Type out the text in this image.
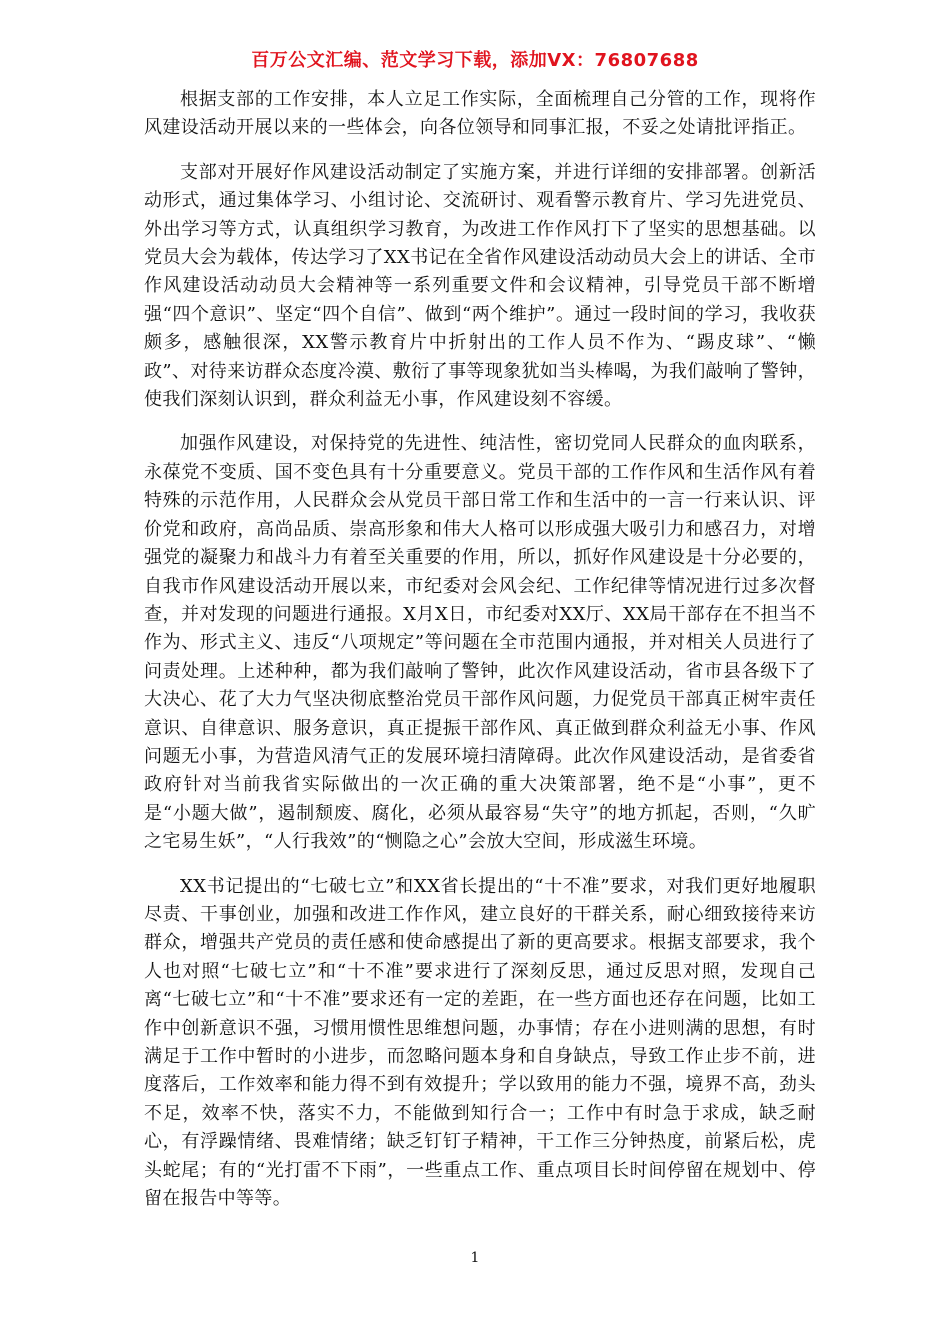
百万公文汇编、范文学习下载，添加VX：76807688

根据支部的工作安排，本人立足工作实际，全面梳理自己分管的工作，现将作风建设活动开展以来的一些体会，向各位领导和同事汇报，不妥之处请批评指正。

支部对开展好作风建设活动制定了实施方案，并进行详细的安排部署。创新活动形式，通过集体学习、小组讨论、交流研讨、观看警示教育片、学习先进党员、外出学习等方式，认真组织学习教育，为改进工作作风打下了坚实的思想基础。以党员大会为载体，传达学习了XX书记在全省作风建设活动动员大会上的讲话、全市作风建设活动动员大会精神等一系列重要文件和会议精神，引导党员干部不断增强“四个意识”、坚定“四个自信”、做到“两个维护”。通过一段时间的学习，我收获颇多，感触很深，XX警示教育片中折射出的工作人员不作为、“踢皮球”、“懒政”、对待来访群众态度冷漠、敷衍了事等现象犹如当头棒喝，为我们敲响了警钟，使我们深刻认识到，群众利益无小事，作风建设刻不容缓。

加强作风建设，对保持党的先进性、纯洁性，密切党同人民群众的血肉联系，永葆党不变质、国不变色具有十分重要意义。党员干部的工作作风和生活作风有着特殊的示范作用，人民群众会从党员干部日常工作和生活中的一言一行来认识、评价党和政府，高尚品质、崇高形象和伟大人格可以形成强大吸引力和感召力，对增强党的凝聚力和战斗力有着至关重要的作用，所以，抓好作风建设是十分必要的，自我市作风建设活动开展以来，市纪委对会风会纪、工作纪律等情况进行过多次督查，并对发现的问题进行通报。X月X日，市纪委对XX厅、XX局干部存在不担当不作为、形式主义、违反“八项规定”等问题在全市范围内通报，并对相关人员进行了问责处理。上述种种，都为我们敲响了警钟，此次作风建设活动，省市县各级下了大决心、花了大力气坚决彻底整治党员干部作风问题，力促党员干部真正树牢责任意识、自律意识、服务意识，真正提振干部作风、真正做到群众利益无小事、作风问题无小事，为营造风清气正的发展环境扫清障碍。此次作风建设活动，是省委省政府针对当前我省实际做出的一次正确的重大决策部署，绝不是“小事”，更不是“小题大做”，遏制颓废、腐化，必须从最容易“失守”的地方抓起，否则，“久旷之宅易生妖”，“人行我效”的“恻隐之心”会放大空间，形成滋生环境。

XX书记提出的“七破七立”和XX省长提出的“十不准”要求，对我们更好地履职尽责、干事创业，加强和改进工作作风，建立良好的干群关系，耐心细致接待来访群众，增强共产党员的责任感和使命感提出了新的更高要求。根据支部要求，我个人也对照“七破七立”和“十不准”要求进行了深刻反思，通过反思对照，发现自己离“七破七立”和“十不准”要求还有一定的差距，在一些方面也还存在问题，比如工作中创新意识不强，习惯用惯性思维想问题，办事情；存在小进则满的思想，有时满足于工作中暂时的小进步，而忽略问题本身和自身缺点，导致工作止步不前，进度落后，工作效率和能力得不到有效提升；学以致用的能力不强，境界不高，劲头不足，效率不快，落实不力，不能做到知行合一；工作中有时急于求成，缺乏耐心，有浮躁情绪、畏难情绪；缺乏钉钉子精神，干工作三分钟热度，前紧后松，虎头蛇尾；有的“光打雷不下雨”，一些重点工作、重点项目长时间停留在规划中、停留在报告中等等。

1
